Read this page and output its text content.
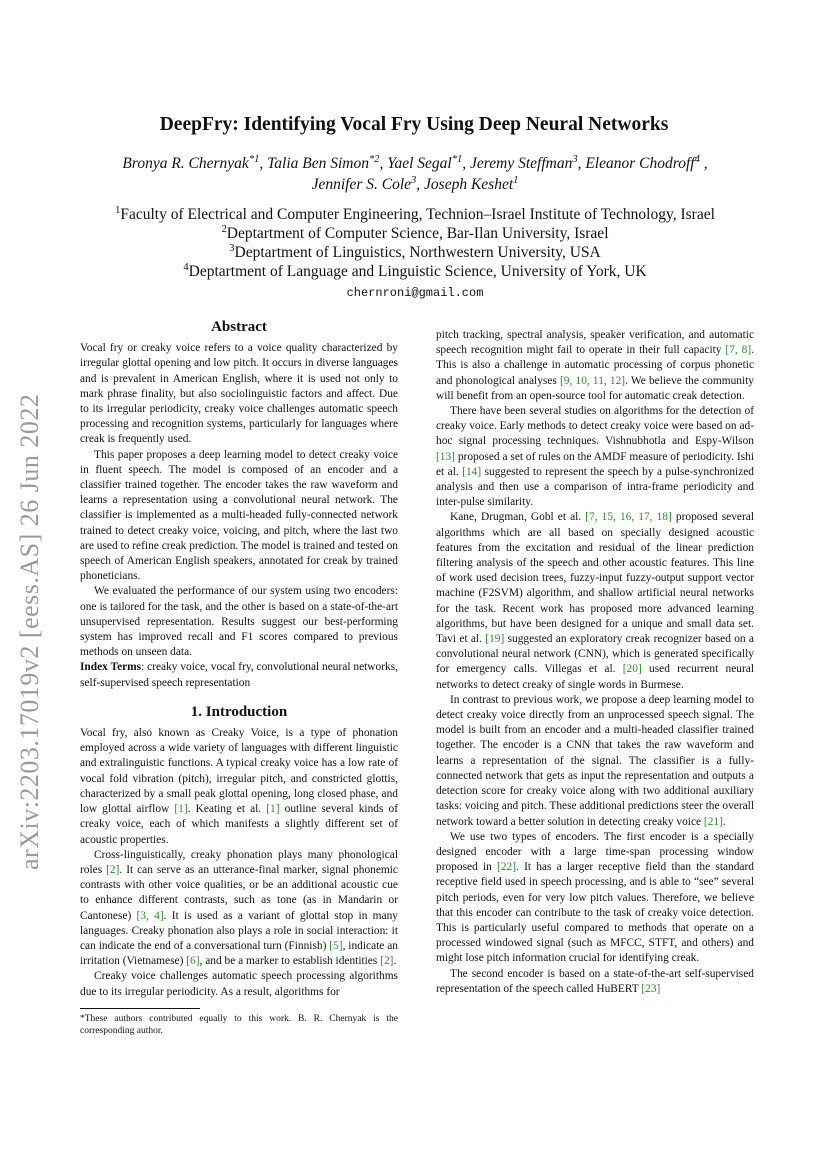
arXiv:2203.17019v2 [eess.AS] 26 Jun 2022
DeepFry: Identifying Vocal Fry Using Deep Neural Networks
Bronya R. Chernyak$^{*1}$, Talia Ben Simon$^{*2}$, Yael Segal$^{*1}$, Jeremy Steffman$^3$, Eleanor Chodroff$^4$ ,
Jennifer S. Cole$^3$, Joseph Keshet$^1$
$^1$Faculty of Electrical and Computer Engineering, Technion–Israel Institute of Technology, Israel
$^2$Deptartment of Computer Science, Bar-Ilan University, Israel
$^3$Deptartment of Linguistics, Northwestern University, USA
$^4$Deptartment of Language and Linguistic Science, University of York, UK
chernroni@gmail.com
Abstract

Vocal fry or creaky voice refers to a voice quality characterized by irregular glottal opening and low pitch. It occurs in diverse languages and is prevalent in American English, where it is used not only to mark phrase finality, but also sociolinguistic factors and affect. Due to its irregular periodicity, creaky voice challenges automatic speech processing and recognition systems, particularly for languages where creak is frequently used.

This paper proposes a deep learning model to detect creaky voice in fluent speech. The model is composed of an encoder and a classifier trained together. The encoder takes the raw waveform and learns a representation using a convolutional neural network. The classifier is implemented as a multi-headed fully-connected network trained to detect creaky voice, voicing, and pitch, where the last two are used to refine creak prediction. The model is trained and tested on speech of American English speakers, annotated for creak by trained phoneticians.

We evaluated the performance of our system using two encoders: one is tailored for the task, and the other is based on a state-of-the-art unsupervised representation. Results suggest our best-performing system has improved recall and F1 scores compared to previous methods on unseen data.

Index Terms: creaky voice, vocal fry, convolutional neural networks, self-supervised speech representation

1. Introduction

Vocal fry, also known as Creaky Voice, is a type of phonation employed across a wide variety of languages with different linguistic and extralinguistic functions. A typical creaky voice has a low rate of vocal fold vibration (pitch), irregular pitch, and constricted glottis, characterized by a small peak glottal opening, long closed phase, and low glottal airflow [1]. Keating et al. [1] outline several kinds of creaky voice, each of which manifests a slightly different set of acoustic properties.

Cross-linguistically, creaky phonation plays many phonological roles [2]. It can serve as an utterance-final marker, signal phonemic contrasts with other voice qualities, or be an additional acoustic cue to enhance different contrasts, such as tone (as in Mandarin or Cantonese) [3, 4]. It is used as a variant of glottal stop in many languages. Creaky phonation also plays a role in social interaction: it can indicate the end of a conversational turn (Finnish) [5], indicate an irritation (Vietnamese) [6], and be a marker to establish identities [2].

Creaky voice challenges automatic speech processing algorithms due to its irregular periodicity. As a result, algorithms for

*These authors contributed equally to this work. B. R. Chernyak is the corresponding author.

pitch tracking, spectral analysis, speaker verification, and automatic speech recognition might fail to operate in their full capacity [7, 8]. This is also a challenge in automatic processing of corpus phonetic and phonological analyses [9, 10, 11, 12]. We believe the community will benefit from an open-source tool for automatic creak detection.

There have been several studies on algorithms for the detection of creaky voice. Early methods to detect creaky voice were based on ad-hoc signal processing techniques. Vishnubhotla and Espy-Wilson [13] proposed a set of rules on the AMDF measure of periodicity. Ishi et al. [14] suggested to represent the speech by a pulse-synchronized analysis and then use a comparison of intra-frame periodicity and inter-pulse similarity.

Kane, Drugman, Gobl et al. [7, 15, 16, 17, 18] proposed several algorithms which are all based on specially designed acoustic features from the excitation and residual of the linear prediction filtering analysis of the speech and other acoustic features. This line of work used decision trees, fuzzy-input fuzzy-output support vector machine (F2SVM) algorithm, and shallow artificial neural networks for the task. Recent work has proposed more advanced learning algorithms, but have been designed for a unique and small data set. Tavi et al. [19] suggested an exploratory creak recognizer based on a convolutional neural network (CNN), which is generated specifically for emergency calls. Villegas et al. [20] used recurrent neural networks to detect creaky of single words in Burmese.

In contrast to previous work, we propose a deep learning model to detect creaky voice directly from an unprocessed speech signal. The model is built from an encoder and a multi-headed classifier trained together. The encoder is a CNN that takes the raw waveform and learns a representation of the signal. The classifier is a fully-connected network that gets as input the representation and outputs a detection score for creaky voice along with two additional auxiliary tasks: voicing and pitch. These additional predictions steer the overall network toward a better solution in detecting creaky voice [21].

We use two types of encoders. The first encoder is a specially designed encoder with a large time-span processing window proposed in [22]. It has a larger receptive field than the standard receptive field used in speech processing, and is able to “see” several pitch periods, even for very low pitch values. Therefore, we believe that this encoder can contribute to the task of creaky voice detection. This is particularly useful compared to methods that operate on a processed windowed signal (such as MFCC, STFT, and others) and might lose pitch information crucial for identifying creak.

The second encoder is based on a state-of-the-art self-supervised representation of the speech called HuBERT [23]
